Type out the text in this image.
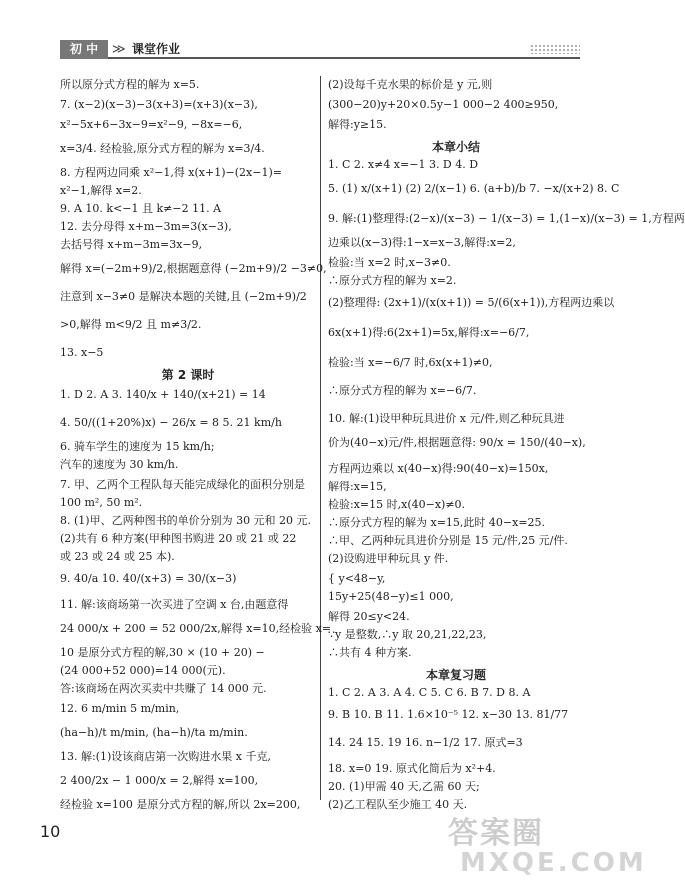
初 中	≫ 课堂作业
所以原分式方程的解为 x=5.
7. (x−2)(x−3)−3(x+3)=(x+3)(x−3),
x²−5x+6−3x−9=x²−9, −8x=−6,
x=3/4. 经检验,原分式方程的解为 x=3/4.
8. 方程两边同乘 x²−1,得 x(x+1)−(2x−1)=
x²−1,解得 x=2.
9. A 10. k<−1 且 k≠−2 11. A
12. 去分母得 x+m−3m=3(x−3),
去括号得 x+m−3m=3x−9,
解得 x=(−2m+9)/2,根据题意得 (−2m+9)/2 −3≠0,
注意到 x−3≠0 是解决本题的关键,且 (−2m+9)/2
>0,解得 m<9/2 且 m≠3/2.
13. x−5
第 2 课时
1. D 2. A 3. 140/x + 140/(x+21) = 14
4. 50/((1+20%)x) − 26/x = 8 5. 21 km/h
6. 骑车学生的速度为 15 km/h;
汽车的速度为 30 km/h.
7. 甲、乙两个工程队每天能完成绿化的面积分别是
100 m², 50 m².
8. (1)甲、乙两种图书的单价分别为 30 元和 20 元.
(2)共有 6 种方案(甲种图书购进 20 或 21 或 22
或 23 或 24 或 25 本).
9. 40/a 10. 40/(x+3) = 30/(x−3)
11. 解:该商场第一次买进了空调 x 台,由题意得
24 000/x + 200 = 52 000/2x,解得 x=10,经检验 x=
10 是原分式方程的解,30 × (10 + 20) −
(24 000+52 000)=14 000(元).
答:该商场在两次买卖中共赚了 14 000 元.
12. 6 m/min 5 m/min,
(ha−h)/t m/min, (ha−h)/ta m/min.
13. 解:(1)设该商店第一次购进水果 x 千克,
2 400/2x − 1 000/x = 2,解得 x=100,
经检验 x=100 是原分式方程的解,所以 2x=200,
(2)设每千克水果的标价是 y 元,则
(300−20)y+20×0.5y−1 000−2 400≥950,
解得:y≥15.
本章小结
1. C 2. x≠4 x=−1 3. D 4. D
5. (1) x/(x+1) (2) 2/(x−1) 6. (a+b)/b 7. −x/(x+2) 8. C
9. 解:(1)整理得:(2−x)/(x−3) − 1/(x−3) = 1,(1−x)/(x−3) = 1,方程两
边乘以(x−3)得:1−x=x−3,解得:x=2,
检验:当 x=2 时,x−3≠0.
∴原分式方程的解为 x=2.
(2)整理得: (2x+1)/(x(x+1)) = 5/(6(x+1)),方程两边乘以
6x(x+1)得:6(2x+1)=5x,解得:x=−6/7,
检验:当 x=−6/7 时,6x(x+1)≠0,
∴原分式方程的解为 x=−6/7.
10. 解:(1)设甲种玩具进价 x 元/件,则乙种玩具进
价为(40−x)元/件,根据题意得: 90/x = 150/(40−x),
方程两边乘以 x(40−x)得:90(40−x)=150x,
解得:x=15,
检验:x=15 时,x(40−x)≠0.
∴原分式方程的解为 x=15,此时 40−x=25.
∴甲、乙两种玩具进价分别是 15 元/件,25 元/件.
(2)设购进甲种玩具 y 件.
{ y<48−y,
15y+25(48−y)≤1 000,
解得 20≤y<24.
∵y 是整数,∴y 取 20,21,22,23,
∴共有 4 种方案.
本章复习题
1. C 2. A 3. A 4. C 5. C 6. B 7. D 8. A
9. B 10. B 11. 1.6×10⁻⁵ 12. x−30 13. 81/77
14. 24 15. 19 16. n−1/2 17. 原式=3
18. x=0 19. 原式化简后为 x²+4.
20. (1)甲需 40 天,乙需 60 天;
(2)乙工程队至少施工 40 天.
10	答案圈
MXQE.COM
